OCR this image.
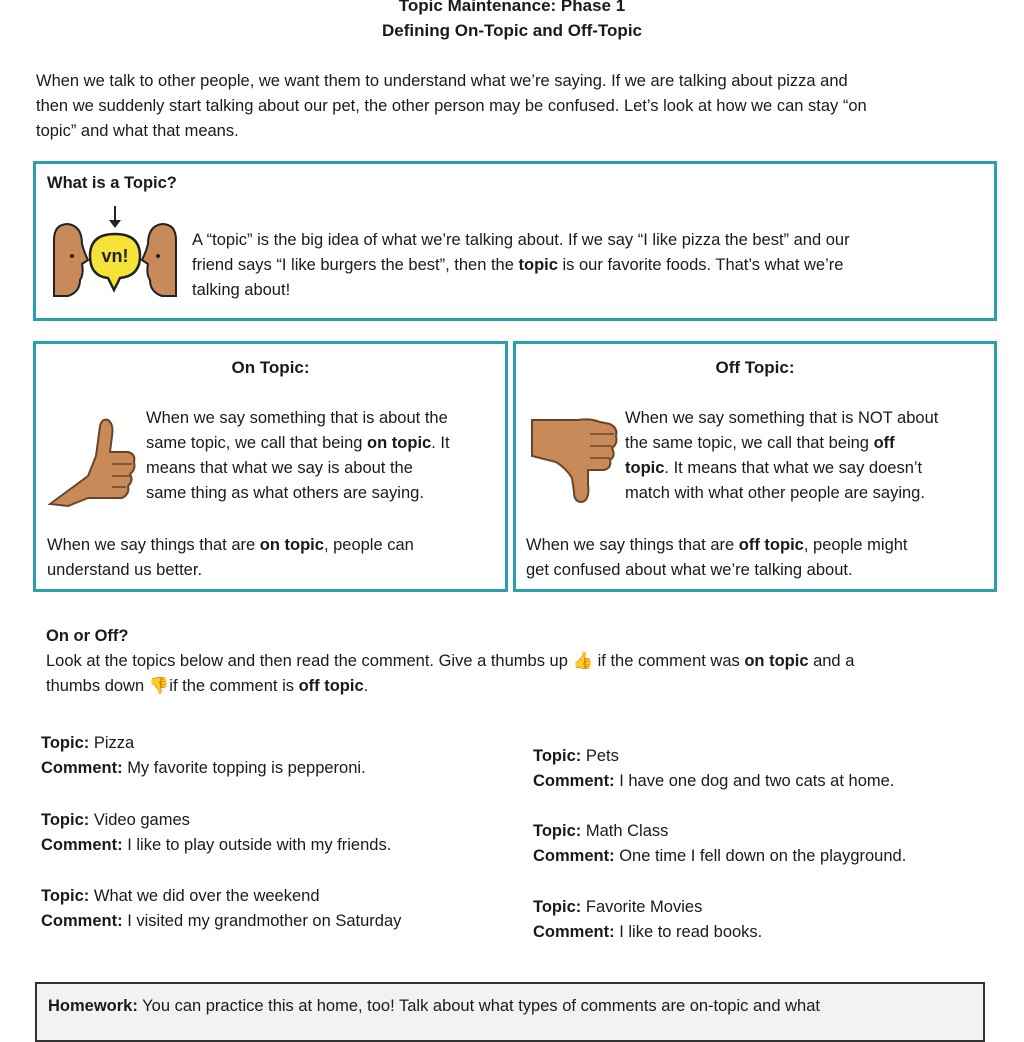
Topic Maintenance: Phase 1
Defining On-Topic and Off-Topic
When we talk to other people, we want them to understand what we’re saying. If we are talking about pizza and
then we suddenly start talking about our pet, the other person may be confused. Let’s look at how we can stay “on
topic” and what that means.
What is a Topic?
vn!
A “topic” is the big idea of what we’re talking about. If we say “I like pizza the best” and our
friend says “I like burgers the best”, then the topic is our favorite foods. That’s what we’re
talking about!
On Topic:
When we say something that is about the
same topic, we call that being on topic. It
means that what we say is about the
same thing as what others are saying.
When we say things that are on topic, people can
understand us better.
Off Topic:
When we say something that is NOT about
the same topic, we call that being off
topic. It means that what we say doesn’t
match with what other people are saying.
When we say things that are off topic, people might
get confused about what we’re talking about.
On or Off?
Look at the topics below and then read the comment. Give a thumbs up 👍 if the comment was on topic and a
thumbs down 👎if the comment is off topic.
Topic: Pizza
Comment: My favorite topping is pepperoni.
Topic: Video games
Comment: I like to play outside with my friends.
Topic: What we did over the weekend
Comment: I visited my grandmother on Saturday
Topic: Pets
Comment: I have one dog and two cats at home.
Topic: Math Class
Comment: One time I fell down on the playground.
Topic: Favorite Movies
Comment: I like to read books.
Homework: You can practice this at home, too! Talk about what types of comments are on-topic and what
